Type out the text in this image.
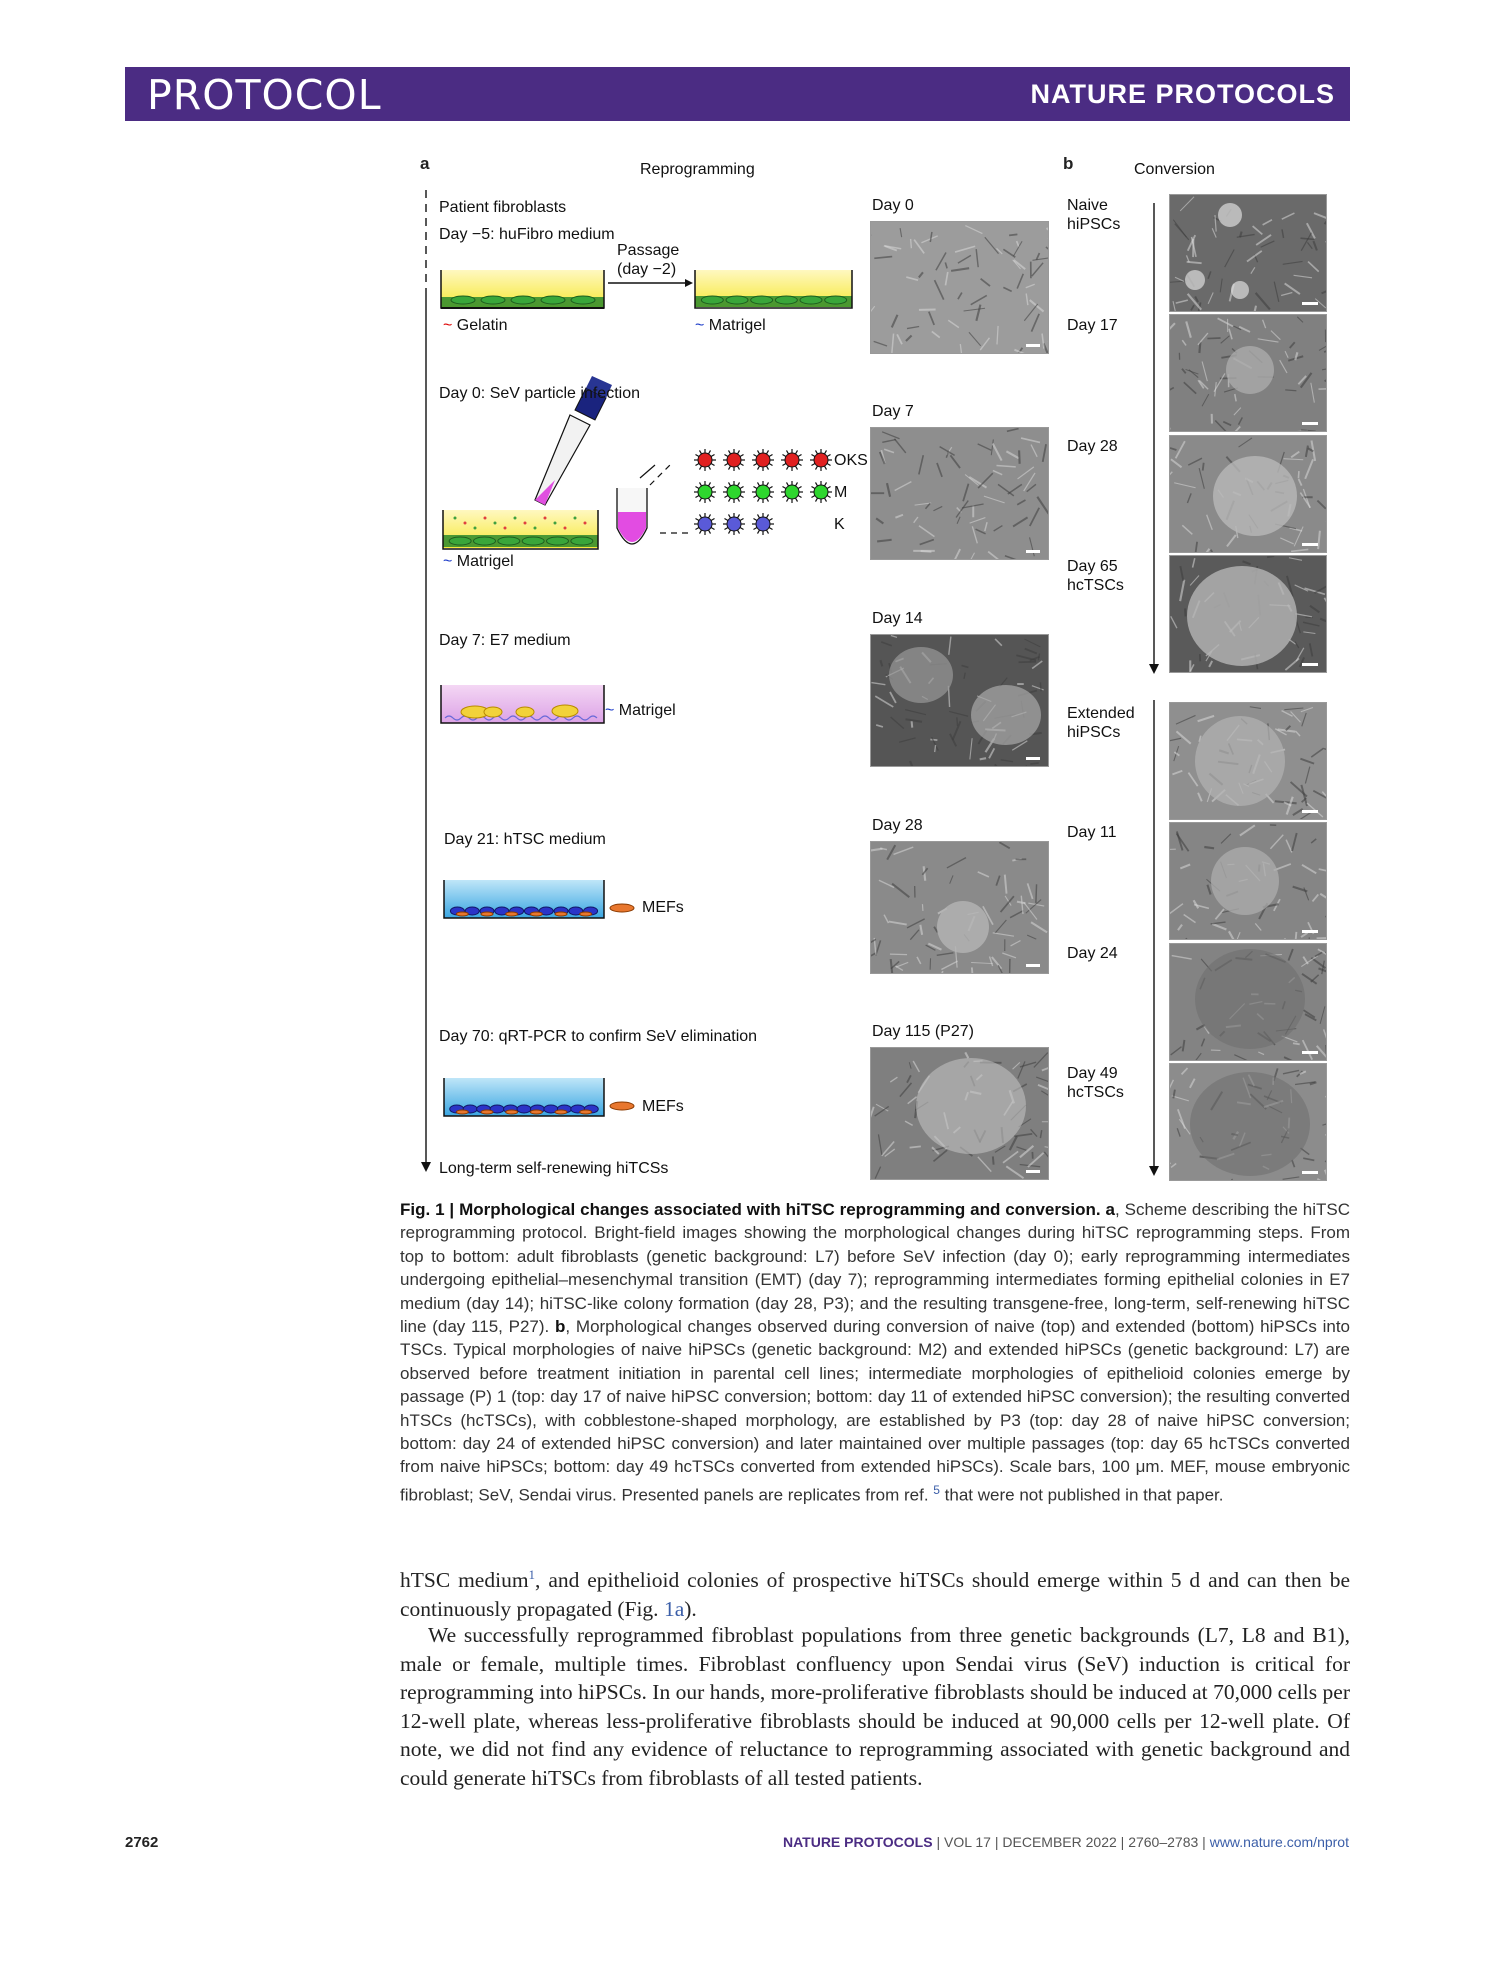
PROTOCOL	NATURE PROTOCOLS
a	b
Reprogramming	Conversion
Patient fibroblasts
Day −5: huFibro medium
Passage
(day −2)
~ Gelatin	~ Matrigel
Day 0: SeV particle infection
OKS
M
K
~ Matrigel
Day 7: E7 medium
~ Matrigel
Day 21: hTSC medium
MEFs
Day 70: qRT-PCR to confirm SeV elimination
MEFs
Long-term self-renewing hiTCSs
Day 0
Day 7
Day 14
Day 28
Day 115 (P27)
Naive
hiPSCs
Day 17
Day 28
Day 65
hcTSCs
Extended
hiPSCs
Day 11
Day 24
Day 49
hcTSCs
Fig. 1 | Morphological changes associated with hiTSC reprogramming and conversion. a, Scheme describing the hiTSC reprogramming protocol. Bright-field images showing the morphological changes during hiTSC reprogramming steps. From top to bottom: adult fibroblasts (genetic background: L7) before SeV infection (day 0); early reprogramming intermediates undergoing epithelial–mesenchymal transition (EMT) (day 7); reprogramming intermediates forming epithelial colonies in E7 medium (day 14); hiTSC-like colony formation (day 28, P3); and the resulting transgene-free, long-term, self-renewing hiTSC line (day 115, P27). b, Morphological changes observed during conversion of naive (top) and extended (bottom) hiPSCs into TSCs. Typical morphologies of naive hiPSCs (genetic background: M2) and extended hiPSCs (genetic background: L7) are observed before treatment initiation in parental cell lines; intermediate morphologies of epithelioid colonies emerge by passage (P) 1 (top: day 17 of naive hiPSC conversion; bottom: day 11 of extended hiPSC conversion); the resulting converted hTSCs (hcTSCs), with cobblestone-shaped morphology, are established by P3 (top: day 28 of naive hiPSC conversion; bottom: day 24 of extended hiPSC conversion) and later maintained over multiple passages (top: day 65 hcTSCs converted from naive hiPSCs; bottom: day 49 hcTSCs converted from extended hiPSCs). Scale bars, 100 μm. MEF, mouse embryonic fibroblast; SeV, Sendai virus. Presented panels are replicates from ref. $^5$ that were not published in that paper.
hTSC medium$^1$, and epithelioid colonies of prospective hiTSCs should emerge within 5 d and can then be continuously propagated (Fig. 1a).
We successfully reprogrammed fibroblast populations from three genetic backgrounds (L7, L8 and B1), male or female, multiple times. Fibroblast confluency upon Sendai virus (SeV) induction is critical for reprogramming into hiPSCs. In our hands, more-proliferative fibroblasts should be induced at 70,000 cells per 12-well plate, whereas less-proliferative fibroblasts should be induced at 90,000 cells per 12-well plate. Of note, we did not find any evidence of reluctance to reprogramming associated with genetic background and could generate hiTSCs from fibroblasts of all tested patients.
2762	NATURE PROTOCOLS | VOL 17 | DECEMBER 2022 | 2760–2783 | www.nature.com/nprot
